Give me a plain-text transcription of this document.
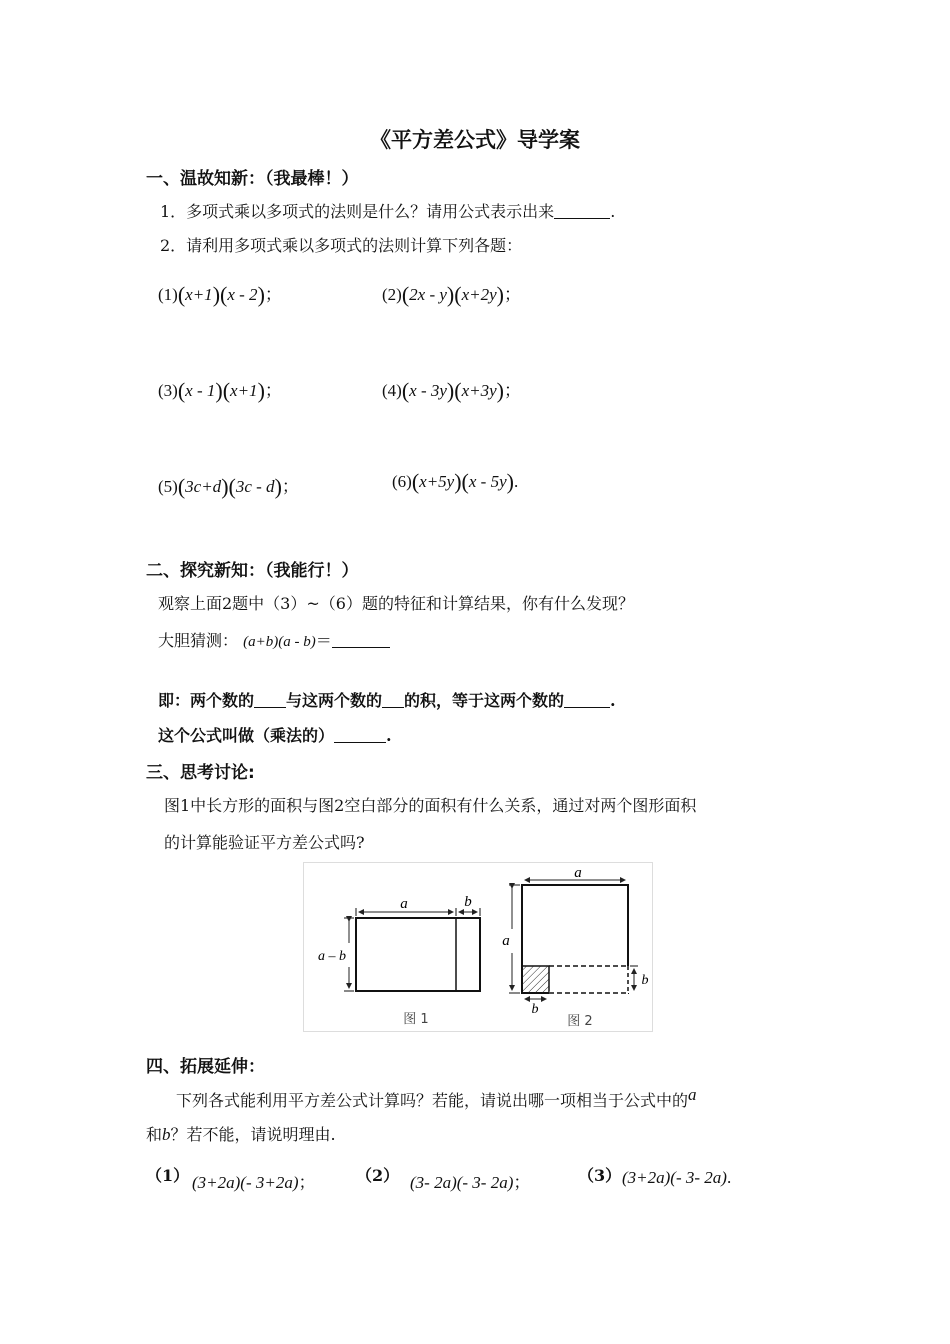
《平方差公式》导学案
一、温故知新：（我最棒！）
1．多项式乘以多项式的法则是什么？请用公式表示出来	.
2．请利用多项式乘以多项式的法则计算下列各题：
(1)(x+1)(x - 2)；	(2)(2x - y)(x+2y)；
(3)(x - 1)(x+1)；	(4)(x - 3y)(x+3y)；
(5)(3c+d)(3c - d)；	(6)(x+5y)(x - 5y).
二、探究新知：（我能行！）
观察上面2题中（3）~（6）题的特征和计算结果，你有什么发现？
大胆猜测： (a+b)(a - b)＝
即：两个数的 与这两个数的 的积，等于这两个数的	.
这个公式叫做（乘法的）	.
三、思考讨论:
图1中长方形的面积与图2空白部分的面积有什么关系，通过对两个图形面积
的计算能验证平方差公式吗?
a	b
a – b
图 1
a
a
b
b
图 2
四、拓展延伸：
下列各式能利用平方差公式计算吗？若能，请说出哪一项相当于公式中的a
和b？若不能，请说明理由.
（1） (3+2a)(- 3+2a)；	（2） (3- 2a)(- 3- 2a)；	（3） (3+2a)(- 3- 2a).
